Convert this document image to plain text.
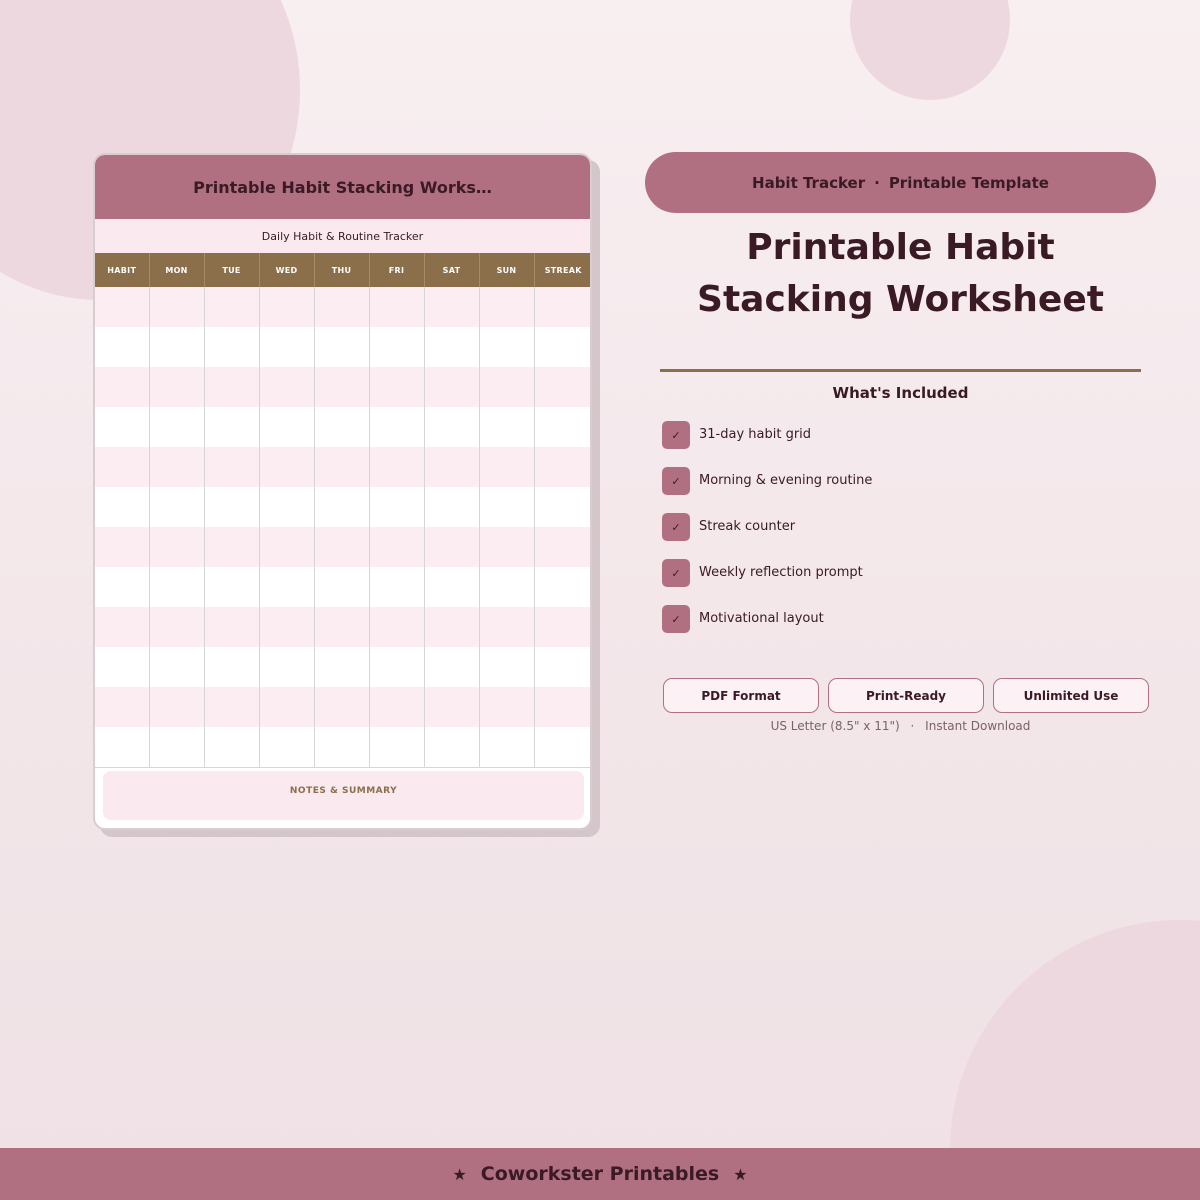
Printable Habit Stacking Works…
Daily Habit & Routine Tracker
HABIT	MON	TUE	WED	THU	FRI	SAT	SUN	STREAK

NOTES & SUMMARY
Habit Tracker · Printable Template
Printable Habit
Stacking Worksheet
What's Included
✓	31-day habit grid
✓	Morning & evening routine
✓	Streak counter
✓	Weekly reflection prompt
✓	Motivational layout
PDF Format	Print-Ready	Unlimited Use
US Letter (8.5" x 11") · Instant Download
★ Coworkster Printables ★
